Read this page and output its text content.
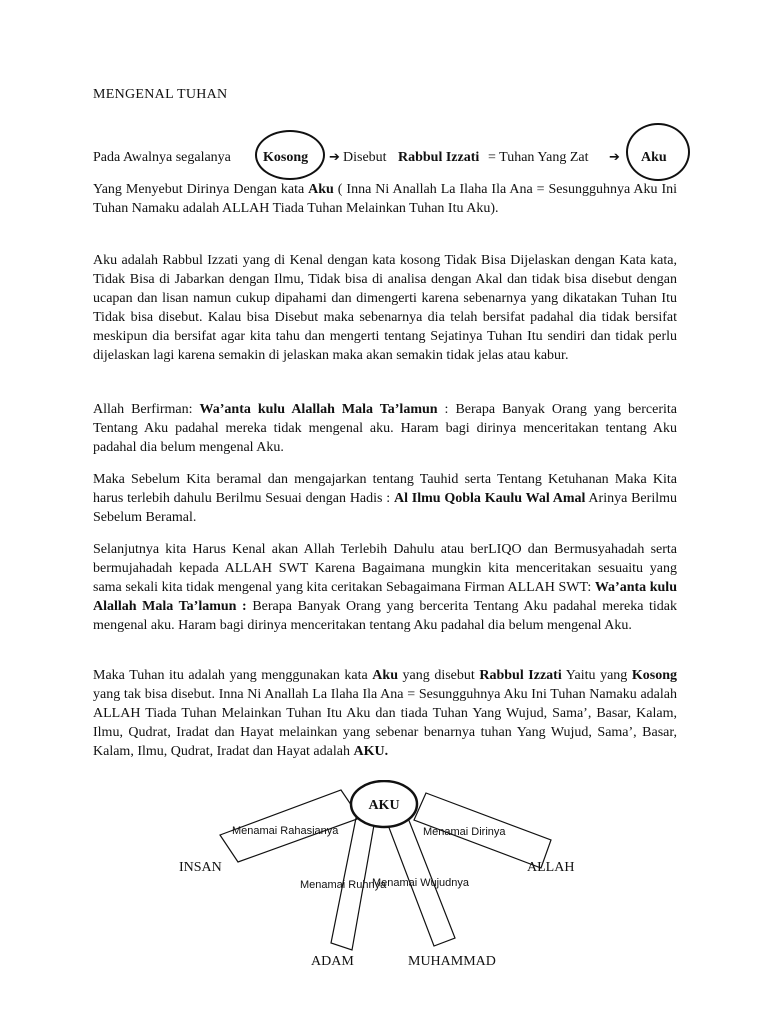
MENGENAL TUHAN
Pada Awalnya segalanya Kosong ➔ Disebut Rabbul Izzati = Tuhan Yang Zat ➔ Aku

Yang Menyebut Dirinya Dengan kata Aku ( Inna Ni Anallah La Ilaha Ila Ana = Sesungguhnya Aku Ini Tuhan Namaku adalah ALLAH Tiada Tuhan Melainkan Tuhan Itu Aku).

Aku adalah Rabbul Izzati yang di Kenal dengan kata kosong Tidak Bisa Dijelaskan dengan Kata kata, Tidak Bisa di Jabarkan dengan Ilmu, Tidak bisa di analisa dengan Akal dan tidak bisa disebut dengan ucapan dan lisan namun cukup dipahami dan dimengerti karena sebenarnya yang dikatakan Tuhan Itu Tidak bisa disebut. Kalau bisa Disebut maka sebenarnya dia telah bersifat padahal dia tidak bersifat meskipun dia bersifat agar kita tahu dan mengerti tentang Sejatinya Tuhan Itu sendiri dan tidak perlu dijelaskan lagi karena semakin di jelaskan maka akan semakin tidak jelas atau kabur.

Allah Berfirman: Wa’anta kulu Alallah Mala Ta’lamun : Berapa Banyak Orang yang bercerita Tentang Aku padahal mereka tidak mengenal aku. Haram bagi dirinya menceritakan tentang Aku padahal dia belum mengenal Aku.

Maka Sebelum Kita beramal dan mengajarkan tentang Tauhid serta Tentang Ketuhanan Maka Kita harus terlebih dahulu Berilmu Sesuai dengan Hadis : Al Ilmu Qobla Kaulu Wal Amal Arinya Berilmu Sebelum Beramal.

Selanjutnya kita Harus Kenal akan Allah Terlebih Dahulu atau berLIQO dan Bermusyahadah serta bermujahadah kepada ALLAH SWT Karena Bagaimana mungkin kita menceritakan sesuaitu yang sama sekali kita tidak mengenal yang kita ceritakan Sebagaimana Firman ALLAH SWT: Wa’anta kulu Alallah Mala Ta’lamun : Berapa Banyak Orang yang bercerita Tentang Aku padahal mereka tidak mengenal aku. Haram bagi dirinya menceritakan tentang Aku padahal dia belum mengenal Aku.

Maka Tuhan itu adalah yang menggunakan kata Aku yang disebut Rabbul Izzati Yaitu yang Kosong yang tak bisa disebut. Inna Ni Anallah La Ilaha Ila Ana = Sesungguhnya Aku Ini Tuhan Namaku adalah ALLAH Tiada Tuhan Melainkan Tuhan Itu Aku dan tiada Tuhan Yang Wujud, Sama’, Basar, Kalam, Ilmu, Qudrat, Iradat dan Hayat melainkan yang sebenar benarnya tuhan Yang Wujud, Sama’, Basar, Kalam, Ilmu, Qudrat, Iradat dan Hayat adalah AKU.

AKU
Menamai Rahasianya	Menamai Dirinya
Menamai Ruhnya
Menamai Wujudnya
INSAN	ALLAH
ADAM	MUHAMMAD
